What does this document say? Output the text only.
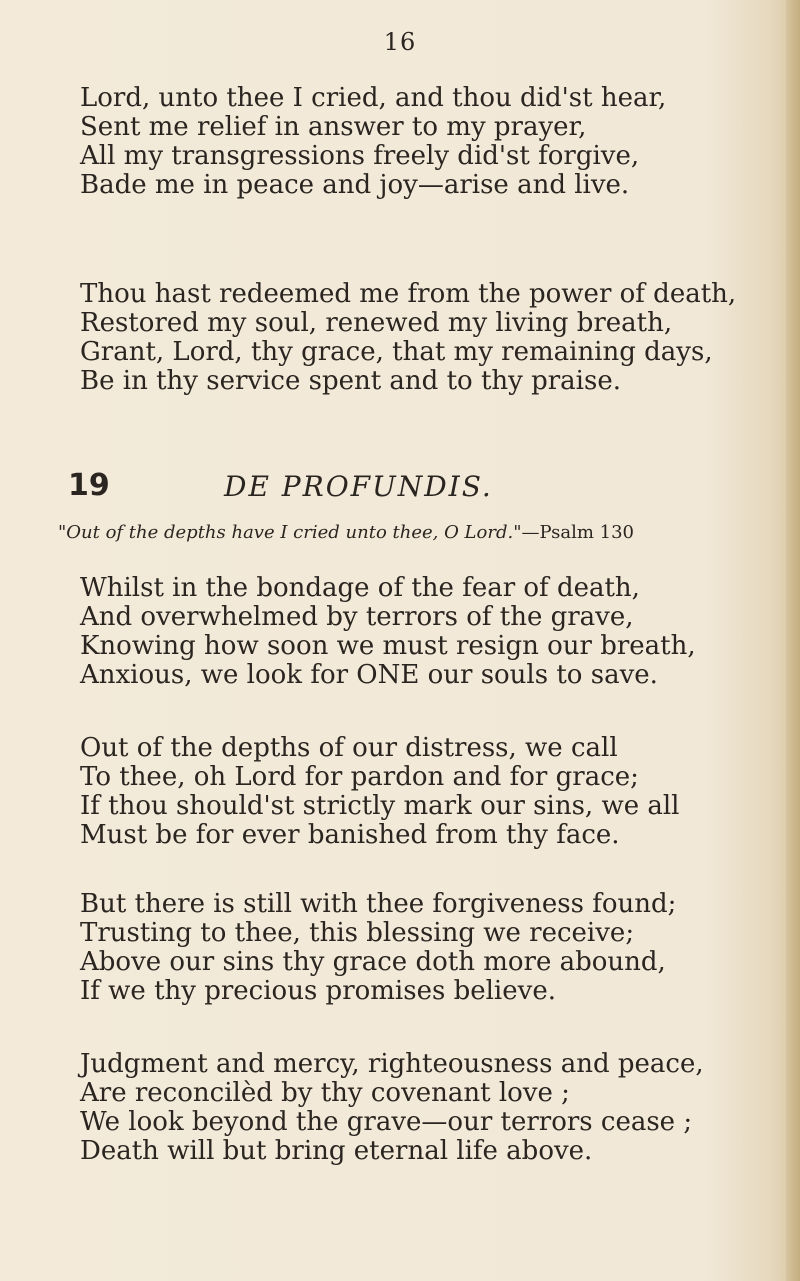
16
Lord, unto thee I cried, and thou did'st hear,
Sent me relief in answer to my prayer,
All my transgressions freely did'st forgive,
Bade me in peace and joy—arise and live.
Thou hast redeemed me from the power of death,
Restored my soul, renewed my living breath,
Grant, Lord, thy grace, that my remaining days,
Be in thy service spent and to thy praise.
19	DE PROFUNDIS.
"Out of the depths have I cried unto thee, O Lord."—Psalm 130
Whilst in the bondage of the fear of death,
And overwhelmed by terrors of the grave,
Knowing how soon we must resign our breath,
Anxious, we look for ONE our souls to save.
Out of the depths of our distress, we call
To thee, oh Lord for pardon and for grace;
If thou should'st strictly mark our sins, we all
Must be for ever banished from thy face.
But there is still with thee forgiveness found;
Trusting to thee, this blessing we receive;
Above our sins thy grace doth more abound,
If we thy precious promises believe.
Judgment and mercy, righteousness and peace,
Are reconcilèd by thy covenant love ;
We look beyond the grave—our terrors cease ;
Death will but bring eternal life above.
